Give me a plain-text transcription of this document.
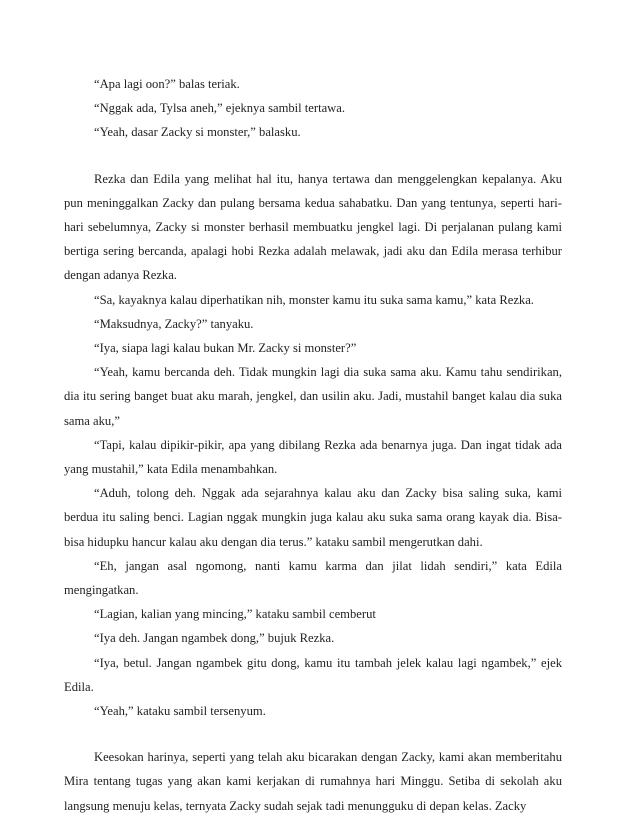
“Apa lagi oon?” balas teriak.

“Nggak ada, Tylsa aneh,” ejeknya sambil tertawa.

“Yeah, dasar Zacky si monster,” balasku.

Rezka dan Edila yang melihat hal itu, hanya tertawa dan menggelengkan kepalanya. Aku pun meninggalkan Zacky dan pulang bersama kedua sahabatku. Dan yang tentunya, seperti hari-hari sebelumnya, Zacky si monster berhasil membuatku jengkel lagi. Di perjalanan pulang kami bertiga sering bercanda, apalagi hobi Rezka adalah melawak, jadi aku dan Edila merasa terhibur dengan adanya Rezka.

“Sa, kayaknya kalau diperhatikan nih, monster kamu itu suka sama kamu,” kata Rezka.

“Maksudnya, Zacky?” tanyaku.

“Iya, siapa lagi kalau bukan Mr. Zacky si monster?”

“Yeah, kamu bercanda deh. Tidak mungkin lagi dia suka sama aku. Kamu tahu sendirikan, dia itu sering banget buat aku marah, jengkel, dan usilin aku. Jadi, mustahil banget kalau dia suka sama aku,”

“Tapi, kalau dipikir-pikir, apa yang dibilang Rezka ada benarnya juga. Dan ingat tidak ada yang mustahil,” kata Edila menambahkan.

“Aduh, tolong deh. Nggak ada sejarahnya kalau aku dan Zacky bisa saling suka, kami berdua itu saling benci. Lagian nggak mungkin juga kalau aku suka sama orang kayak dia. Bisa-bisa hidupku hancur kalau aku dengan dia terus.” kataku sambil mengerutkan dahi.

“Eh, jangan asal ngomong, nanti kamu karma dan jilat lidah sendiri,” kata Edila mengingatkan.

“Lagian, kalian yang mincing,” kataku sambil cemberut

“Iya deh. Jangan ngambek dong,” bujuk Rezka.

“Iya, betul. Jangan ngambek gitu dong, kamu itu tambah jelek kalau lagi ngambek,” ejek Edila.

“Yeah,” kataku sambil tersenyum.

Keesokan harinya, seperti yang telah aku bicarakan dengan Zacky, kami akan memberitahu Mira tentang tugas yang akan kami kerjakan di rumahnya hari Minggu. Setiba di sekolah aku langsung menuju kelas, ternyata Zacky sudah sejak tadi menungguku di depan kelas. Zacky
